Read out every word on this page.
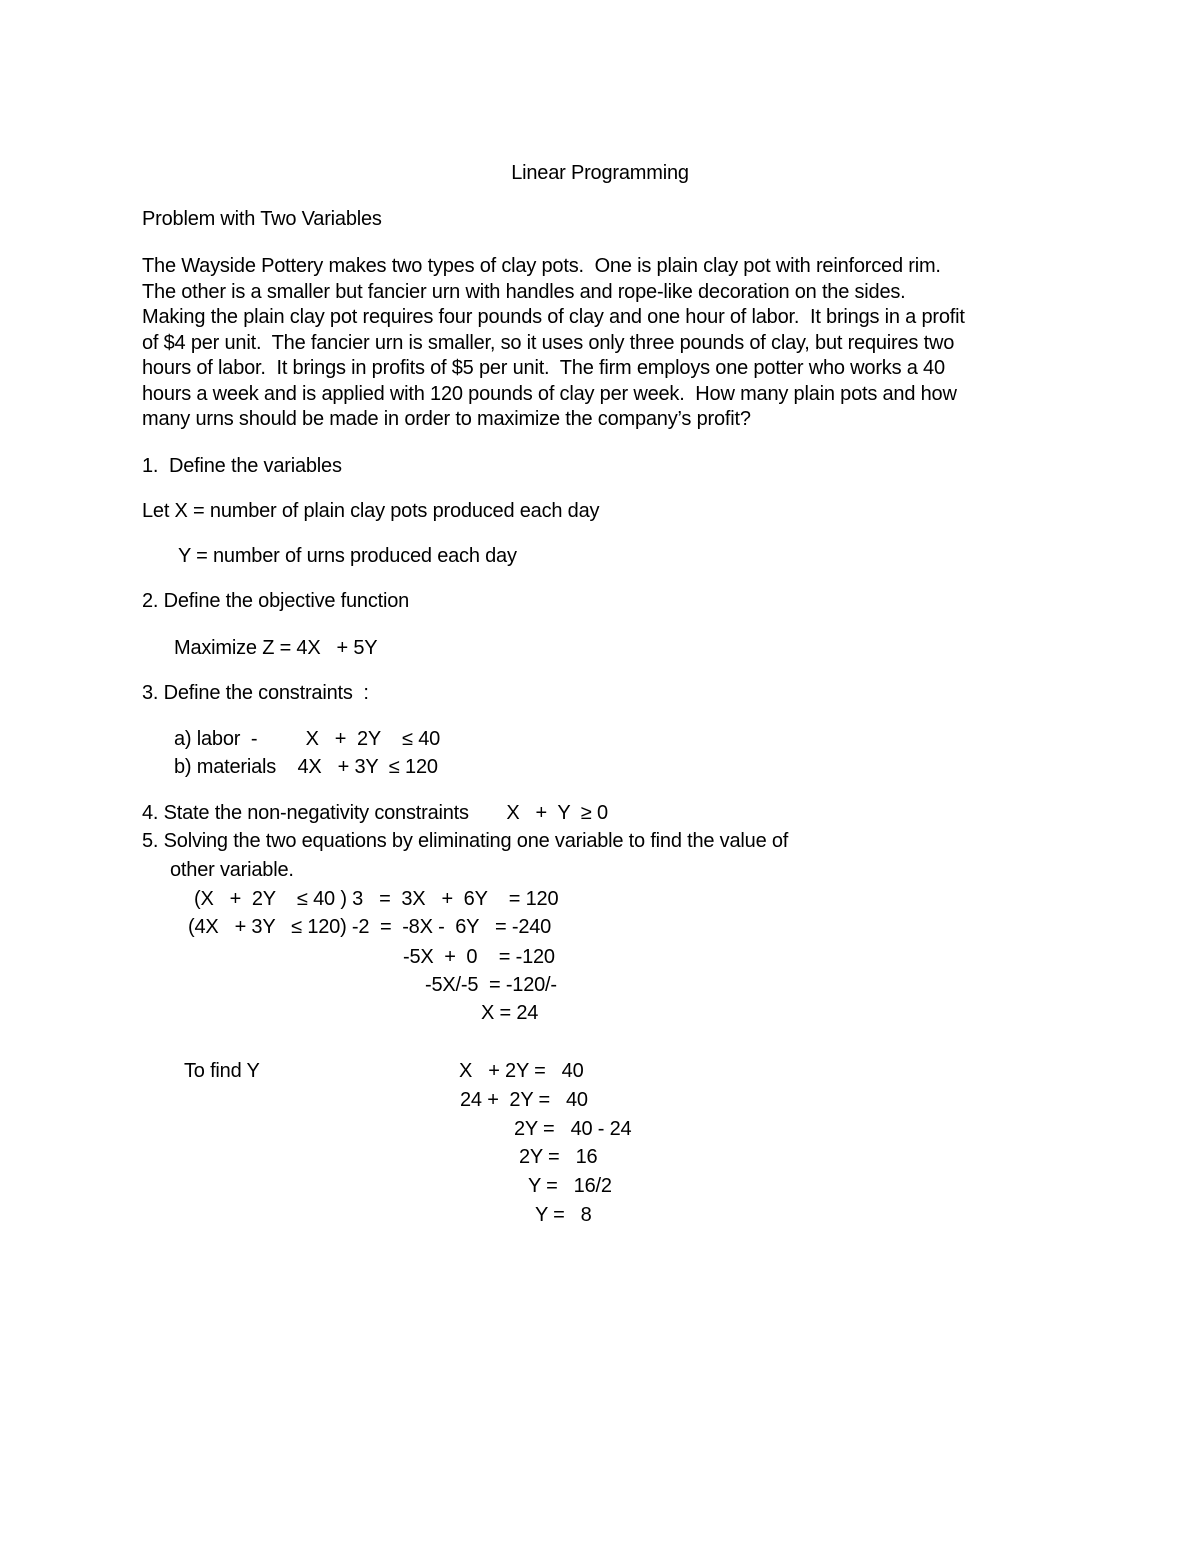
Linear Programming
Problem with Two Variables
The Wayside Pottery makes two types of clay pots.  One is plain clay pot with reinforced rim.
The other is a smaller but fancier urn with handles and rope-like decoration on the sides.
Making the plain clay pot requires four pounds of clay and one hour of labor.  It brings in a profit
of $4 per unit.  The fancier urn is smaller, so it uses only three pounds of clay, but requires two
hours of labor.  It brings in profits of $5 per unit.  The firm employs one potter who works a 40
hours a week and is applied with 120 pounds of clay per week.  How many plain pots and how
many urns should be made in order to maximize the company’s profit?
1.  Define the variables
Let X = number of plain clay pots produced each day
Y = number of urns produced each day
2. Define the objective function
Maximize Z = 4X   + 5Y
3. Define the constraints  :
a) labor  -         X   +  2Y    ≤ 40
b) materials    4X   + 3Y  ≤ 120
4. State the non-negativity constraints       X   +  Y  ≥ 0
5. Solving the two equations by eliminating one variable to find the value of
other variable.
(X   +  2Y    ≤ 40 ) 3   =  3X   +  6Y    = 120
(4X   + 3Y   ≤ 120) -2  =  -8X -  6Y   = -240
-5X  +  0    = -120
-5X/-5  = -120/-
X = 24
To find Y	X   + 2Y =   40
24 +  2Y =   40
2Y =   40 - 24
2Y =   16
Y =   16/2
Y =   8
